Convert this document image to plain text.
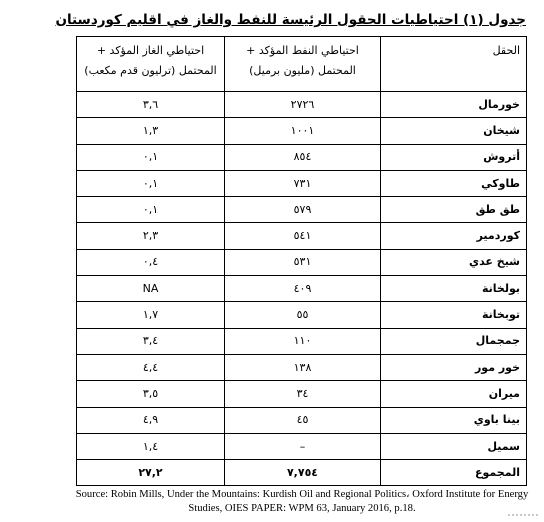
جدول (١) احتياطيات الحقول الرئيسة للنفط والغاز في اقليم كوردستان
الحقل	احتياطي النفط المؤكد + المحتمل (مليون برميل)	احتياطي الغاز المؤكد + المحتمل (ترليون قدم مكعب)
خورمال	٢٧٢٦	٣,٦
شيخان	١٠٠١	١,٣
أتروش	٨٥٤	٠,١
طاوكي	٧٣١	٠,١
طق طق	٥٧٩	٠,١
كوردمير	٥٤١	٢,٣
شيخ عدي	٥٣١	٠,٤
بولخانة	٤٠٩	NA
توبخانة	٥٥	١,٧
جمجمال	١١٠	٣,٤
خور مور	١٣٨	٤,٤
ميران	٣٤	٣,٥
بينا باوي	٤٥	٤,٩
سميل	–	١,٤
المجموع	٧,٧٥٤	٢٧,٢
Source: Robin Mills, Under the Mountains: Kurdish Oil and Regional Politics، Oxford Institute for Energy Studies, OIES PAPER: WPM 63, January 2016, p.18.
